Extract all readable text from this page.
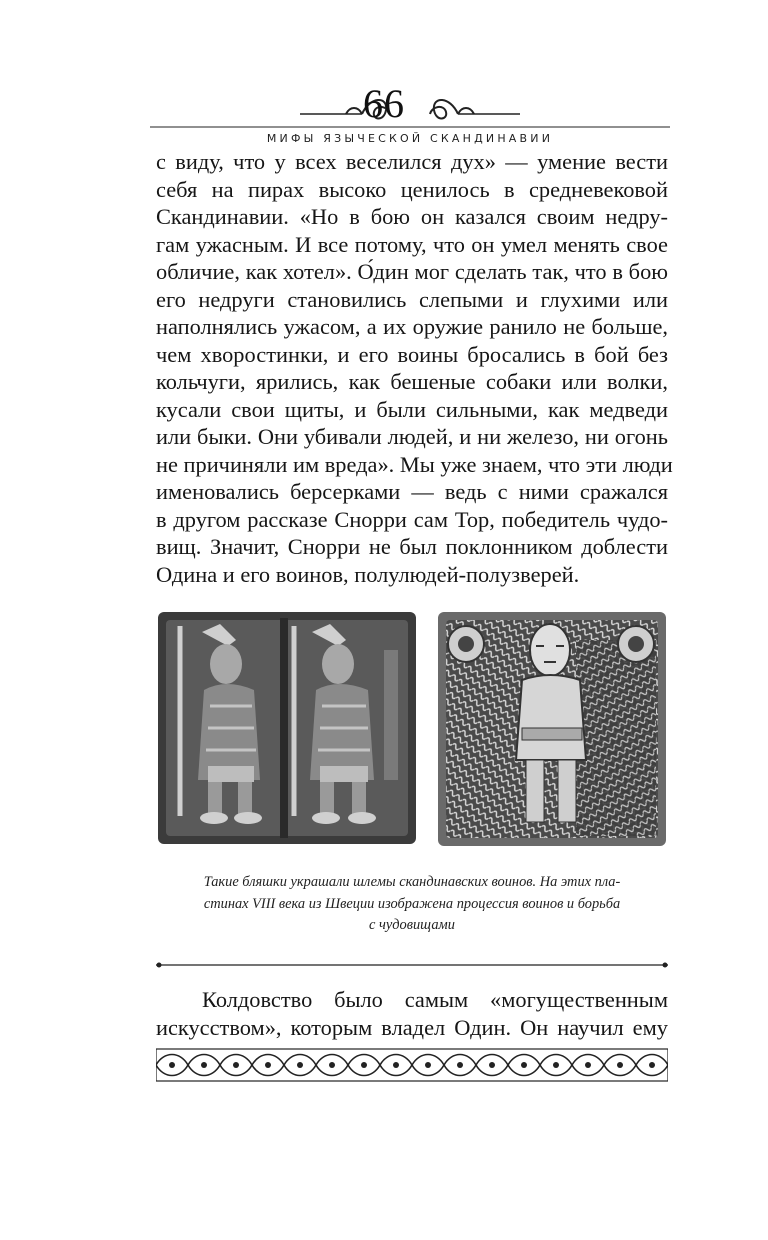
66
МИФЫ ЯЗЫЧЕСКОЙ СКАНДИНАВИИ
с виду, что у всех веселился дух» — умение вести
себя на пирах высоко ценилось в средневековой
Скандинавии. «Но в бою он казался своим недру-
гам ужасным. И все потому, что он умел менять свое
обличие, как хотел». О́дин мог сделать так, что в бою
его недруги становились слепыми и глухими или
наполнялись ужасом, а их оружие ранило не больше,
чем хворостинки, и его воины бросались в бой без
кольчуги, ярились, как бешеные собаки или волки,
кусали свои щиты, и были сильными, как медведи
или быки. Они убивали людей, и ни железо, ни огонь
не причиняли им вреда». Мы уже знаем, что эти люди
именовались берсерками — ведь с ними сражался
в другом рассказе Снорри сам Тор, победитель чудо-
вищ. Значит, Снорри не был поклонником доблести
Одина и его воинов, полулюдей-полузверей.
Такие бляшки украшали шлемы скандинавских воинов. На этих пла-
стинах VIII века из Швеции изображена процессия воинов и борьба
с чудовищами
Колдовство было самым «могущественным
искусством», которым владел Один. Он научил ему
